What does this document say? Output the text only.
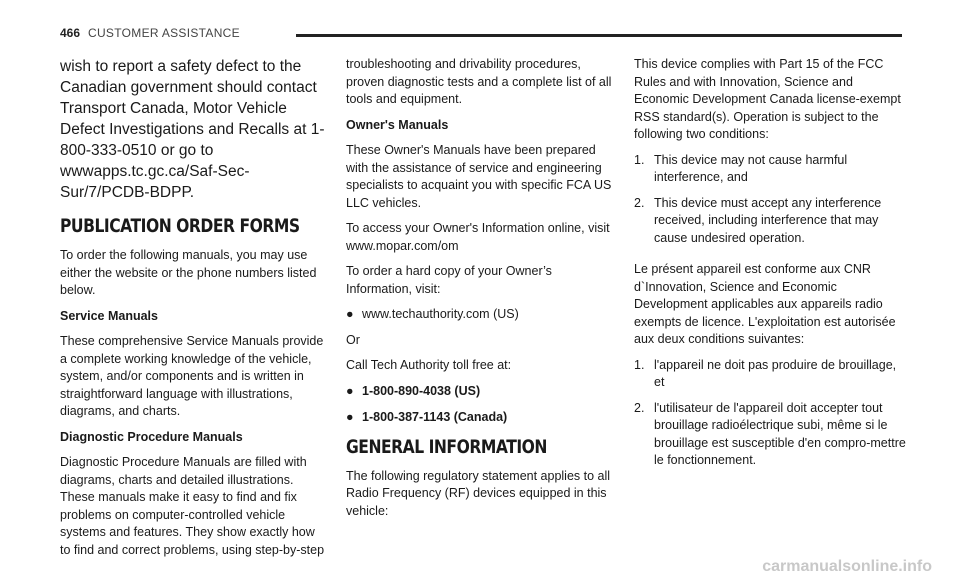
466 CUSTOMER ASSISTANCE

wish to report a safety defect to the Canadian government should contact Transport Canada, Motor Vehicle Defect Investigations and Recalls at 1-800-333-0510 or go to wwwapps.tc.gc.ca/Saf-Sec-Sur/7/PCDB-BDPP.

PUBLICATION ORDER FORMS

To order the following manuals, you may use either the website or the phone numbers listed below.

Service Manuals

These comprehensive Service Manuals provide a complete working knowledge of the vehicle, system, and/or components and is written in straightforward language with illustrations, diagrams, and charts.

Diagnostic Procedure Manuals

Diagnostic Procedure Manuals are filled with diagrams, charts and detailed illustrations. These manuals make it easy to find and fix problems on computer-controlled vehicle systems and features. They show exactly how to find and correct problems, using step-by-step

troubleshooting and drivability procedures, proven diagnostic tests and a complete list of all tools and equipment.

Owner's Manuals

These Owner's Manuals have been prepared with the assistance of service and engineering specialists to acquaint you with specific FCA US LLC vehicles.

To access your Owner's Information online, visit www.mopar.com/om

To order a hard copy of your Owner’s Information, visit:

● www.techauthority.com (US)

Or

Call Tech Authority toll free at:

● 1-800-890-4038 (US)
● 1-800-387-1143 (Canada)
GENERAL INFORMATION

The following regulatory statement applies to all Radio Frequency (RF) devices equipped in this vehicle:

This device complies with Part 15 of the FCC Rules and with Innovation, Science and Economic Development Canada license-exempt RSS standard(s). Operation is subject to the following two conditions:

1. This device may not cause harmful interference, and
2. This device must accept any interference received, including interference that may cause undesired operation.

Le présent appareil est conforme aux CNR d`Innovation, Science and Economic Development applicables aux appareils radio exempts de licence. L'exploitation est autorisée aux deux conditions suivantes:

1. l'appareil ne doit pas produire de brouillage, et
2. l'utilisateur de l'appareil doit accepter tout brouillage radioélectrique subi, même si le brouillage est susceptible d'en compro-mettre le fonctionnement.
carmanualsonline.info
